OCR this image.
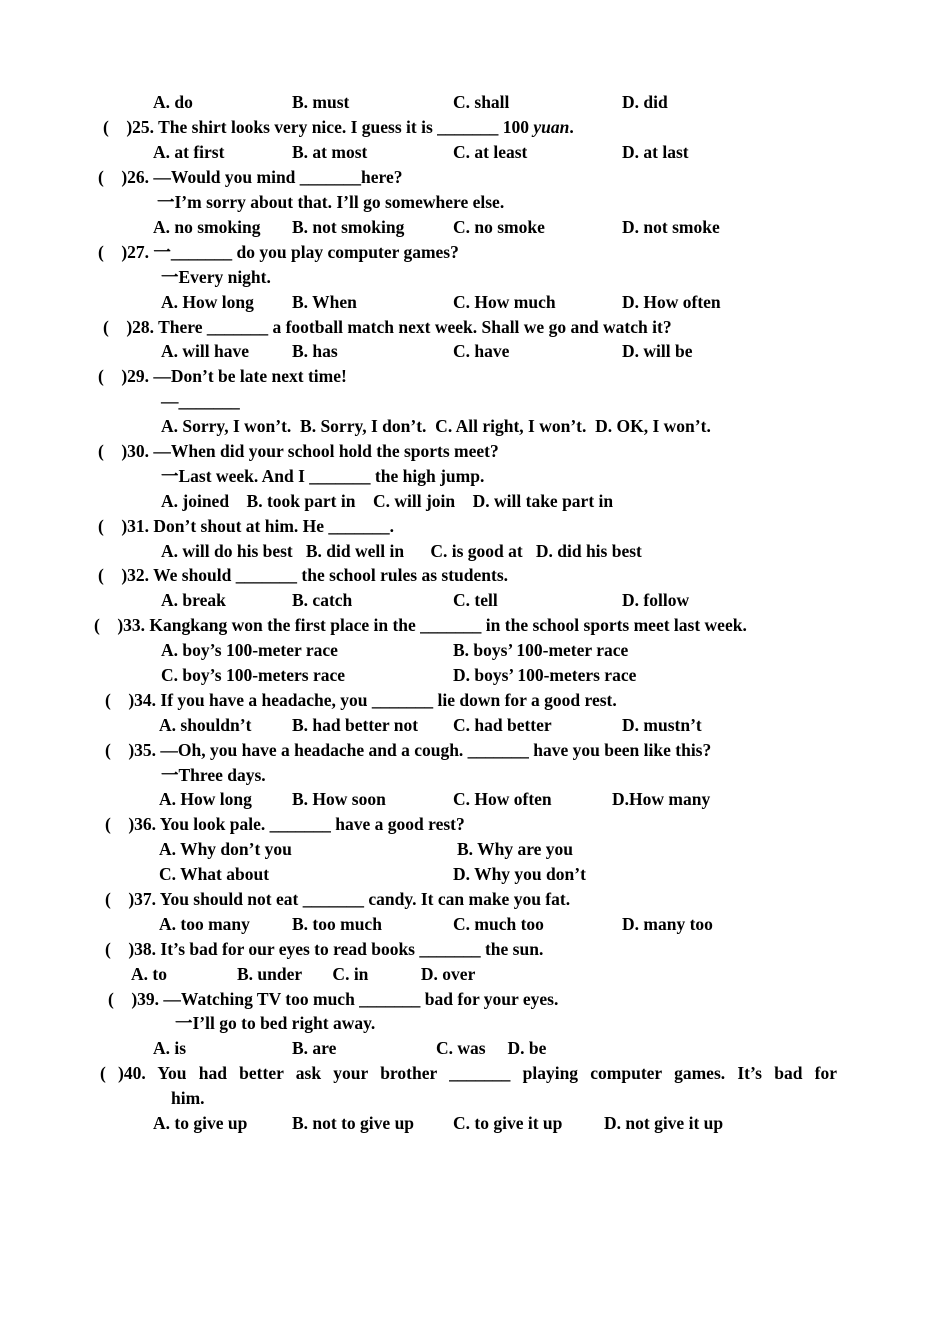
A. do	B. must	C. shall	D. did
(    )25. The shirt looks very nice. I guess it is _______ 100 yuan.
A. at first	B. at most	C. at least	D. at last
(    )26. —Would you mind _______here?
一I’m sorry about that. I’ll go somewhere else.
A. no smoking B. not smoking	C. no smoke	D. not smoke
(    )27. 一_______ do you play computer games?
一Every night.
A. How long B. When	C. How much	D. How often
(    )28. There _______ a football match next week. Shall we go and watch it?
A. will have B. has	C. have	D. will be
(    )29. —Don’t be late next time!
—_______
A. Sorry, I won’t.  B. Sorry, I don’t.  C. All right, I won’t.  D. OK, I won’t.
(    )30. —When did your school hold the sports meet?
一Last week. And I _______ the high jump.
A. joined    B. took part in    C. will join    D. will take part in
(    )31. Don’t shout at him. He _______.
A. will do his best   B. did well in      C. is good at   D. did his best
(    )32. We should _______ the school rules as students.
A. break	B. catch	C. tell	D. follow
(    )33. Kangkang won the first place in the _______ in the school sports meet last week.
A. boy’s 100-meter race	B. boys’ 100-meter race
C. boy’s 100-meters race	D. boys’ 100-meters race
(    )34. If you have a headache, you _______ lie down for a good rest.
A. shouldn’t B. had better not C. had better	D. mustn’t
(    )35. —Oh, you have a headache and a cough. _______ have you been like this?
一Three days.
A. How long B. How soon	C. How often	D.How many
(    )36. You look pale. _______ have a good rest?
A. Why don’t you	B. Why are you
C. What about	D. Why you don’t
(    )37. You should not eat _______ candy. It can make you fat.
A. too many B. too much	C. much too	D. many too
(    )38. It’s bad for our eyes to read books _______ the sun.
A. to                B. under       C. in            D. over
(    )39. —Watching TV too much _______ bad for your eyes.
一I’ll go to bed right away.
A. is	B. are	C. was     D. be
( )40. You had better ask your brother _______ playing computer games. It’s bad for
him.
A. to give up	B. not to give up C. to give it up D. not give it up
